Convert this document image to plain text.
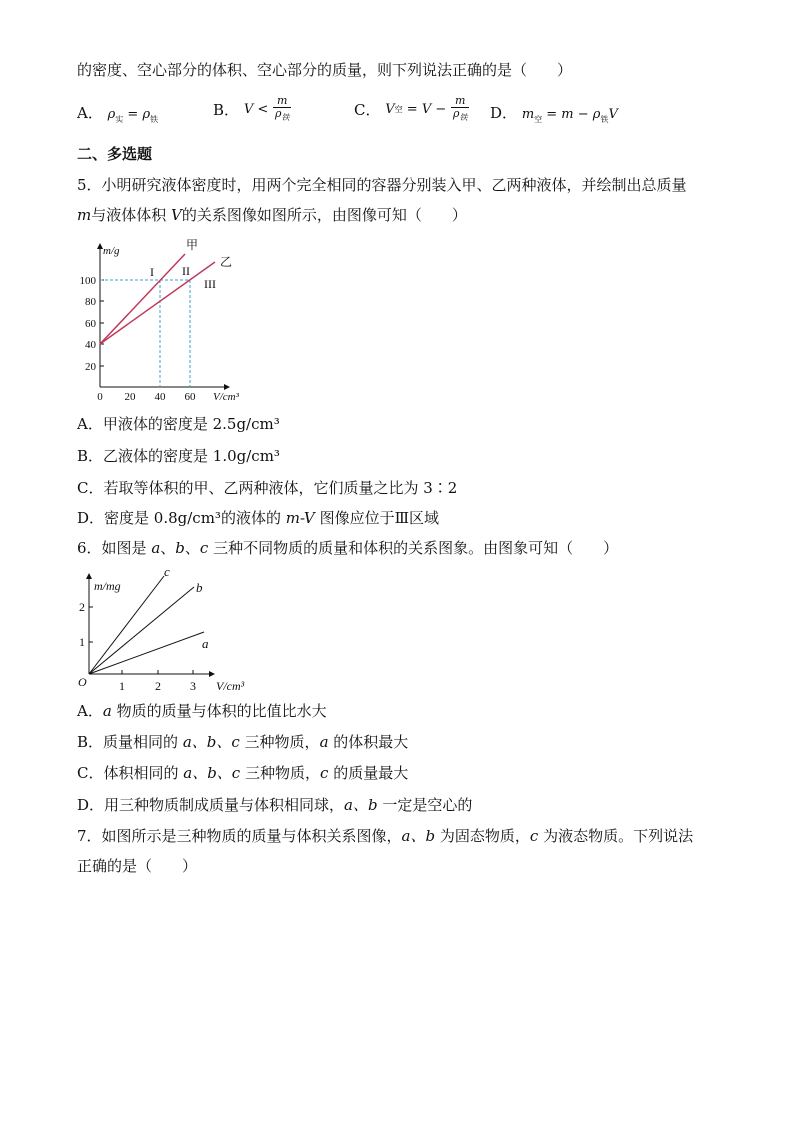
的密度、空心部分的体积、空心部分的质量，则下列说法正确的是（　　）
A． $\rho_实 = \rho_铁$
B． $V < \frac{m}{\rho_铁}$	C． V空 = $V - \frac{m}{\rho_铁}$ D． $m_空 = m - \rho_铁V$
二、多选题
5．小明研究液体密度时，用两个完全相同的容器分别装入甲、乙两种液体，并绘制出总质量
m与液体体积 V的关系图像如图所示，由图像可知（　　）
100
80
60
40
20
0 20 40 60
m/g
V/cm³
甲
乙
I II
III
A．甲液体的密度是 2.5g/cm³
B．乙液体的密度是 1.0g/cm³
C．若取等体积的甲、乙两种液体，它们质量之比为 3∶2
D．密度是 0.8g/cm³的液体的 m-V 图像应位于Ⅲ区域
6．如图是 a、b、c 三种不同物质的质量和体积的关系图象。由图象可知（　　）
2
1
1	2 3
O
m/mg
V/cm³
c
b
a
A．a 物质的质量与体积的比值比水大
B．质量相同的 a、b、c 三种物质，a 的体积最大
C．体积相同的 a、b、c 三种物质，c 的质量最大
D．用三种物质制成质量与体积相同球，a、b 一定是空心的
7．如图所示是三种物质的质量与体积关系图像，a、b 为固态物质，c 为液态物质。下列说法
正确的是（　　）
